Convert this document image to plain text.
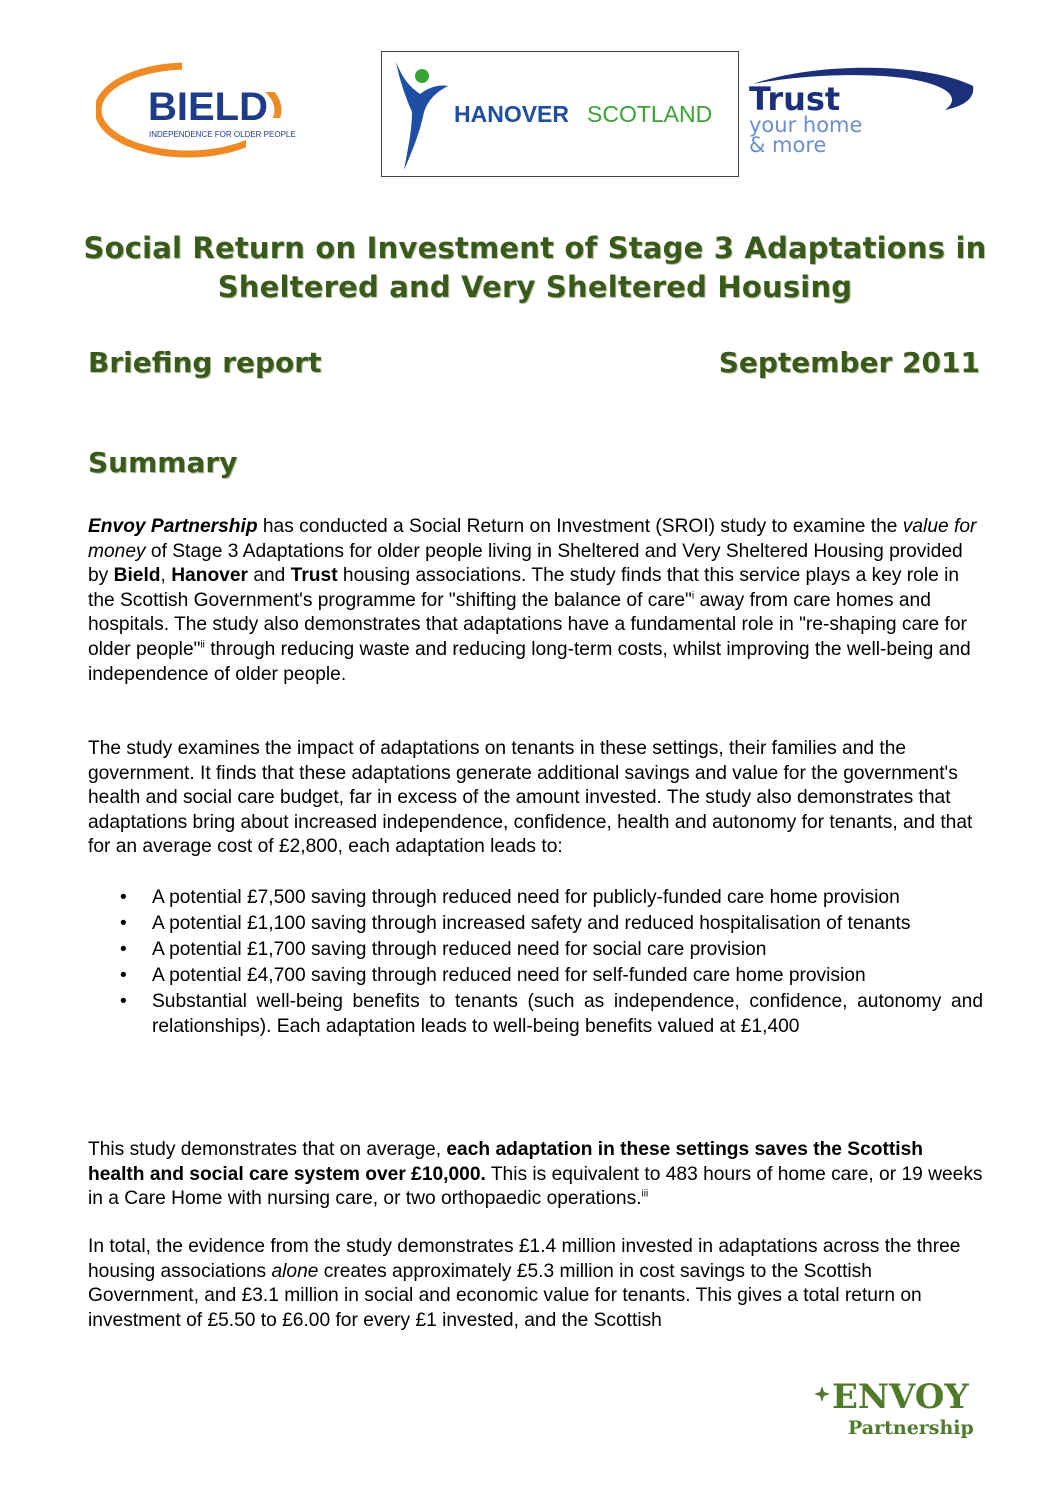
BIELD
INDEPENDENCE FOR OLDER PEOPLE
HANOVER SCOTLAND Trust
your home
& more
Social Return on Investment of Stage 3 Adaptations in
Sheltered and Very Sheltered Housing
Briefing report	September 2011
Summary

Envoy Partnership has conducted a Social Return on Investment (SROI) study to examine the value for money of Stage 3 Adaptations for older people living in Sheltered and Very Sheltered Housing provided by Bield, Hanover and Trust housing associations. The study finds that this service plays a key role in the Scottish Government's programme for "shifting the balance of care"$^i$ away from care homes and hospitals. The study also demonstrates that adaptations have a fundamental role in "re-shaping care for older people"$^{ii}$ through reducing waste and reducing long-term costs, whilst improving the well-being and independence of older people.

The study examines the impact of adaptations on tenants in these settings, their families and the government. It finds that these adaptations generate additional savings and value for the government's health and social care budget, far in excess of the amount invested. The study also demonstrates that adaptations bring about increased independence, confidence, health and autonomy for tenants, and that for an average cost of £2,800, each adaptation leads to:

• A potential £7,500 saving through reduced need for publicly-funded care home provision
• A potential £1,100 saving through increased safety and reduced hospitalisation of tenants
• A potential £1,700 saving through reduced need for social care provision
• A potential £4,700 saving through reduced need for self-funded care home provision
• Substantial well-being benefits to tenants (such as independence, confidence, autonomy and relationships). Each adaptation leads to well-being benefits valued at £1,400

This study demonstrates that on average, each adaptation in these settings saves the Scottish health and social care system over £10,000. This is equivalent to 483 hours of home care, or 19 weeks in a Care Home with nursing care, or two orthopaedic operations.$^{iii}$

In total, the evidence from the study demonstrates £1.4 million invested in adaptations across the three housing associations alone creates approximately £5.3 million in cost savings to the Scottish Government, and £3.1 million in social and economic value for tenants. This gives a total return on investment of £5.50 to £6.00 for every £1 invested, and the Scottish

ENVOY
Partnership
